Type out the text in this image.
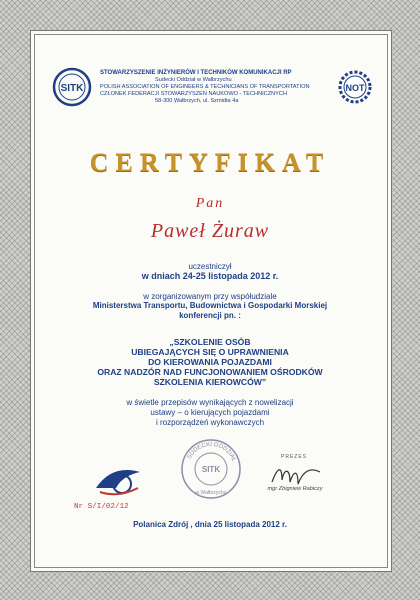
SITK	NOT
STOWARZYSZENIE INŻYNIERÓW I TECHNIKÓW KOMUNIKACJI RP
Sudecki Oddział w Wałbrzychu
POLISH ASSOCIATION OF ENGINEERS & TECHNICIANS OF TRANSPORTATION
CZŁONEK FEDERACJI STOWARZYSZEŃ NAUKOWO - TECHNICZNYCH
58-300 Wałbrzych, ul. Szmidta 4a
CERTYFIKAT
Pan
Paweł Żuraw
uczestniczył
w dniach 24-25 listopada 2012 r.
w zorganizowanym przy współudziale
Ministerstwa Transportu, Budownictwa i Gospodarki Morskiej
konferencji pn. :
„SZKOLENIE OSÓB
UBIEGAJĄCYCH SIĘ O UPRAWNIENIA
DO KIEROWANIA POJAZDAMI
ORAZ NADZÓR NAD FUNCJONOWANIEM OŚRODKÓW
SZKOLENIA KIEROWCÓW”
w świetle przepisów wynikających z nowelizacji
ustawy – o kierujących pojazdami
i rozporządzeń wykonawczych
SUDECKI ODDZIAŁ
SITK
w Wałbrzychu
PREZES
mgr Zbigniew Rabiczy
Nr S/I/02/12
Polanica Zdrój , dnia 25 listopada 2012 r.
